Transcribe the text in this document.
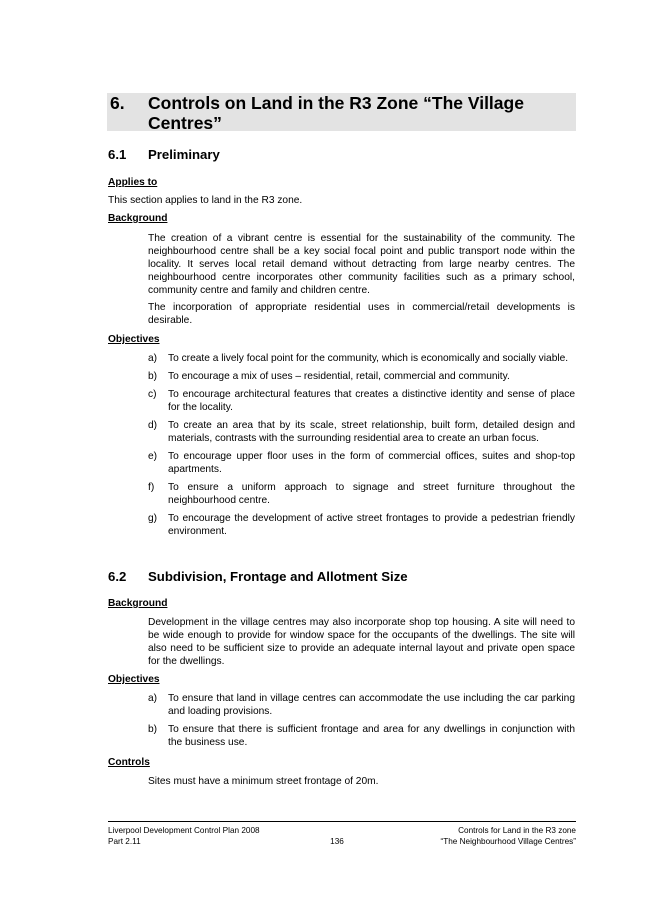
6. Controls on Land in the R3 Zone “The Village Centres”
6.1 Preliminary
Applies to
This section applies to land in the R3 zone.
Background
The creation of a vibrant centre is essential for the sustainability of the community. The neighbourhood centre shall be a key social focal point and public transport node within the locality. It serves local retail demand without detracting from large nearby centres. The neighbourhood centre incorporates other community facilities such as a primary school, community centre and family and children centre.
The incorporation of appropriate residential uses in commercial/retail developments is desirable.
Objectives
a) To create a lively focal point for the community, which is economically and socially viable.
b) To encourage a mix of uses – residential, retail, commercial and community.
c) To encourage architectural features that creates a distinctive identity and sense of place for the locality.
d) To create an area that by its scale, street relationship, built form, detailed design and materials, contrasts with the surrounding residential area to create an urban focus.
e) To encourage upper floor uses in the form of commercial offices, suites and shop-top apartments.
f) To ensure a uniform approach to signage and street furniture throughout the neighbourhood centre.
g) To encourage the development of active street frontages to provide a pedestrian friendly environment.
6.2 Subdivision, Frontage and Allotment Size
Background
Development in the village centres may also incorporate shop top housing. A site will need to be wide enough to provide for window space for the occupants of the dwellings. The site will also need to be sufficient size to provide an adequate internal layout and private open space for the dwellings.
Objectives
a) To ensure that land in village centres can accommodate the use including the car parking and loading provisions.
b) To ensure that there is sufficient frontage and area for any dwellings in conjunction with the business use.
Controls
Sites must have a minimum street frontage of 20m.
Liverpool Development Control Plan 2008
Part 2.11	136
Controls for Land in the R3 zone
“The Neighbourhood Village Centres”
